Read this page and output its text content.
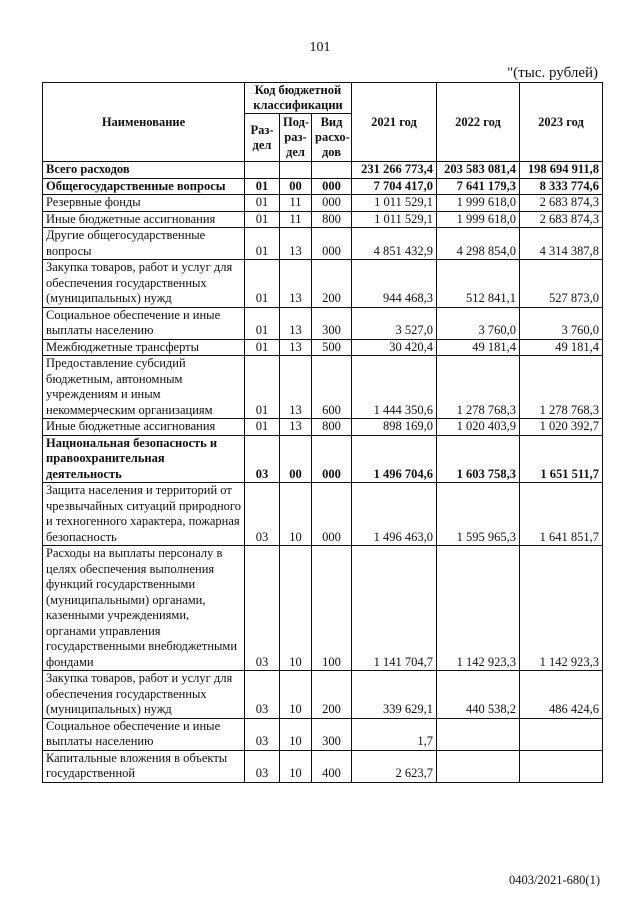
101
"(тыс. рублей)
Наименование	Код бюджетной классификации			2021 год	2022 год	2023 год
	Раз- дел	Под- раз- дел	Вид расхо- дов			
Всего расходов				231 266 773,4	203 583 081,4	198 694 911,8
Общегосударственные вопросы	01	00	000	7 704 417,0	7 641 179,3	8 333 774,6
Резервные фонды	01	11	000	1 011 529,1	1 999 618,0	2 683 874,3
Иные бюджетные ассигнования	01	11	800	1 011 529,1	1 999 618,0	2 683 874,3
Другие общегосударственные вопросы	01	13	000	4 851 432,9	4 298 854,0	4 314 387,8
Закупка товаров, работ и услуг для обеспечения государственных (муниципальных) нужд	01	13	200	944 468,3	512 841,1	527 873,0
Социальное обеспечение и иные выплаты населению	01	13	300	3 527,0	3 760,0	3 760,0
Межбюджетные трансферты	01	13	500	30 420,4	49 181,4	49 181,4
Предоставление субсидий бюджетным, автономным учреждениям и иным некоммерческим организациям	01	13	600	1 444 350,6	1 278 768,3	1 278 768,3
Иные бюджетные ассигнования	01	13	800	898 169,0	1 020 403,9	1 020 392,7
Национальная безопасность и правоохранительная деятельность	03	00	000	1 496 704,6	1 603 758,3	1 651 511,7
Защита населения и территорий от чрезвычайных ситуаций природного и техногенного характера, пожарная безопасность	03	10	000	1 496 463,0	1 595 965,3	1 641 851,7
Расходы на выплаты персоналу в целях обеспечения выполнения функций государственными (муниципальными) органами, казенными учреждениями, органами управления государственными внебюджетными фондами	03	10	100	1 141 704,7	1 142 923,3	1 142 923,3
Закупка товаров, работ и услуг для обеспечения государственных (муниципальных) нужд	03	10	200	339 629,1	440 538,2	486 424,6
Социальное обеспечение и иные выплаты населению	03	10	300	1,7		
Капитальные вложения в объекты государственной	03	10	400	2 623,7		
0403/2021-680(1)
